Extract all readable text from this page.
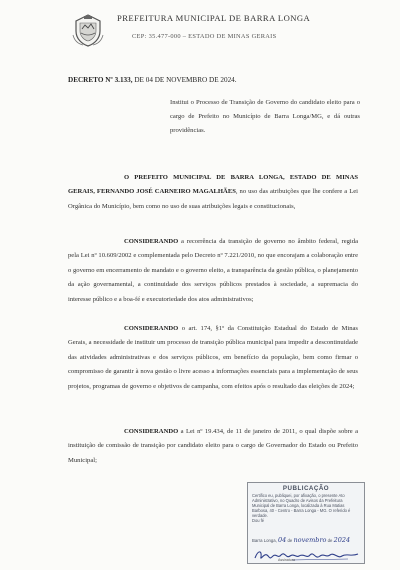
PREFEITURA MUNICIPAL DE BARRA LONGA
CEP: 35.477-000 – ESTADO DE MINAS GERAIS
DECRETO Nº 3.133, DE 04 DE NOVEMBRO DE 2024.
Institui o Processo de Transição de Governo do candidato eleito para o cargo de Prefeito no Município de Barra Longa/MG, e dá outras providências.
O PREFEITO MUNICIPAL DE BARRA LONGA, ESTADO DE MINAS GERAIS, FERNANDO JOSÉ CARNEIRO MAGALHÃES, no uso das atribuições que lhe confere a Lei Orgânica do Município, bem como no uso de suas atribuições legais e constitucionais,
CONSIDERANDO a recorrência da transição de governo no âmbito federal, regida pela Lei nº 10.609/2002 e complementada pelo Decreto nº 7.221/2010, no que encorajam a colaboração entre o governo em encerramento de mandato e o governo eleito, a transparência da gestão pública, o planejamento da ação governamental, a continuidade dos serviços públicos prestados à sociedade, a supremacia do interesse público e a boa-fé e executoriedade dos atos administrativos;
CONSIDERANDO o art. 174, §1º da Constituição Estadual do Estado de Minas Gerais, a necessidade de instituir um processo de transição pública municipal para impedir a descontinuidade das atividades administrativas e dos serviços públicos, em benefício da população, bem como firmar o compromisso de garantir à nova gestão o livre acesso a informações essenciais para a implementação de seus projetos, programas de governo e objetivos de campanha, com efeitos após o resultado das eleições de 2024;
CONSIDERANDO a Lei nº 19.434, de 11 de janeiro de 2011, o qual dispõe sobre a instituição de comissão de transição por candidato eleito para o cargo de Governador do Estado ou Prefeito Municipal;
PUBLICAÇÃO
Certifico eu, publiquei, por afixação, o presente Ato Administrativo, no Quadro de Avisos da Prefeitura Municipal de Barra Longa, localizada à Rua Matias Barbosa, 40 - Centro - Barra Longa - MG. O referido é verdade.
Dou fé
Barra Longa, 04 de novembro de 2024
Assinatura
